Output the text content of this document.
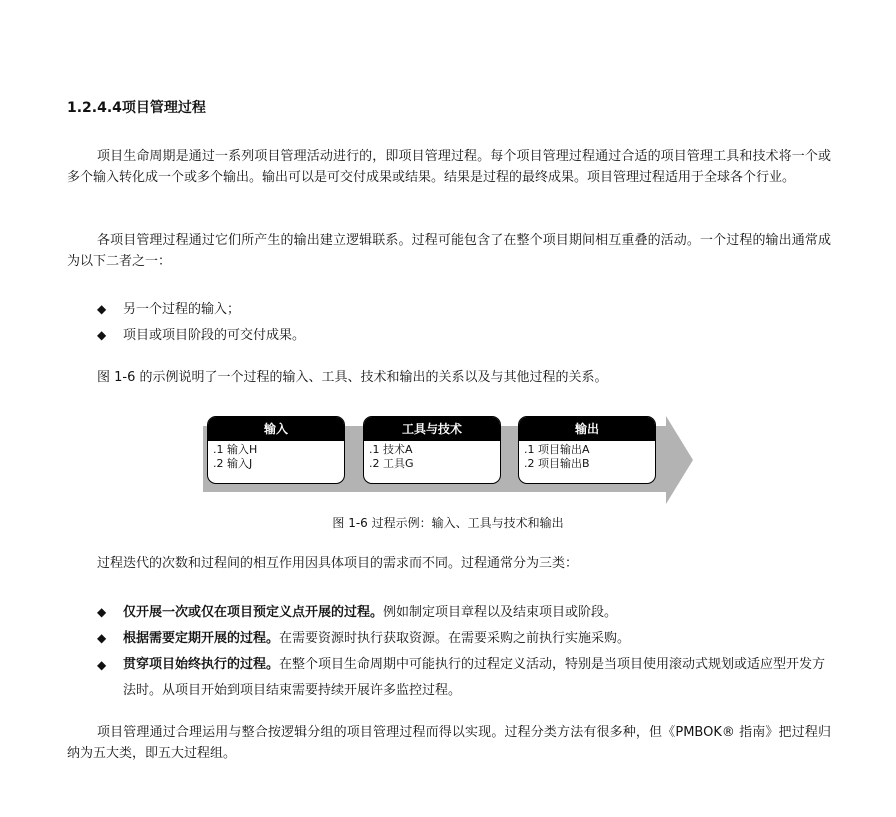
1.2.4.4项目管理过程

项目生命周期是通过一系列项目管理活动进行的，即项目管理过程。每个项目管理过程通过合适的项目管理工具和技术将一个或多个输入转化成一个或多个输出。输出可以是可交付成果或结果。结果是过程的最终成果。项目管理过程适用于全球各个行业。

各项目管理过程通过它们所产生的输出建立逻辑联系。过程可能包含了在整个项目期间相互重叠的活动。一个过程的输出通常成为以下二者之一：

◆ 另一个过程的输入；
◆ 项目或项目阶段的可交付成果。

图 1-6 的示例说明了一个过程的输入、工具、技术和输出的关系以及与其他过程的关系。

输入
.1 输入H
.2 输入J
工具与技术
.1 技术A
.2 工具G
输出
.1 项目输出A
.2 项目输出B
图 1-6 过程示例：输入、工具与技术和输出

过程迭代的次数和过程间的相互作用因具体项目的需求而不同。过程通常分为三类：

◆ 仅开展一次或仅在项目预定义点开展的过程。例如制定项目章程以及结束项目或阶段。
◆ 根据需要定期开展的过程。在需要资源时执行获取资源。在需要采购之前执行实施采购。
◆ 贯穿项目始终执行的过程。在整个项目生命周期中可能执行的过程定义活动，特别是当项目使用滚动式规划或适应型开发方法时。从项目开始到项目结束需要持续开展许多监控过程。

项目管理通过合理运用与整合按逻辑分组的项目管理过程而得以实现。过程分类方法有很多种，但《PMBOK® 指南》把过程归纳为五大类，即五大过程组。
